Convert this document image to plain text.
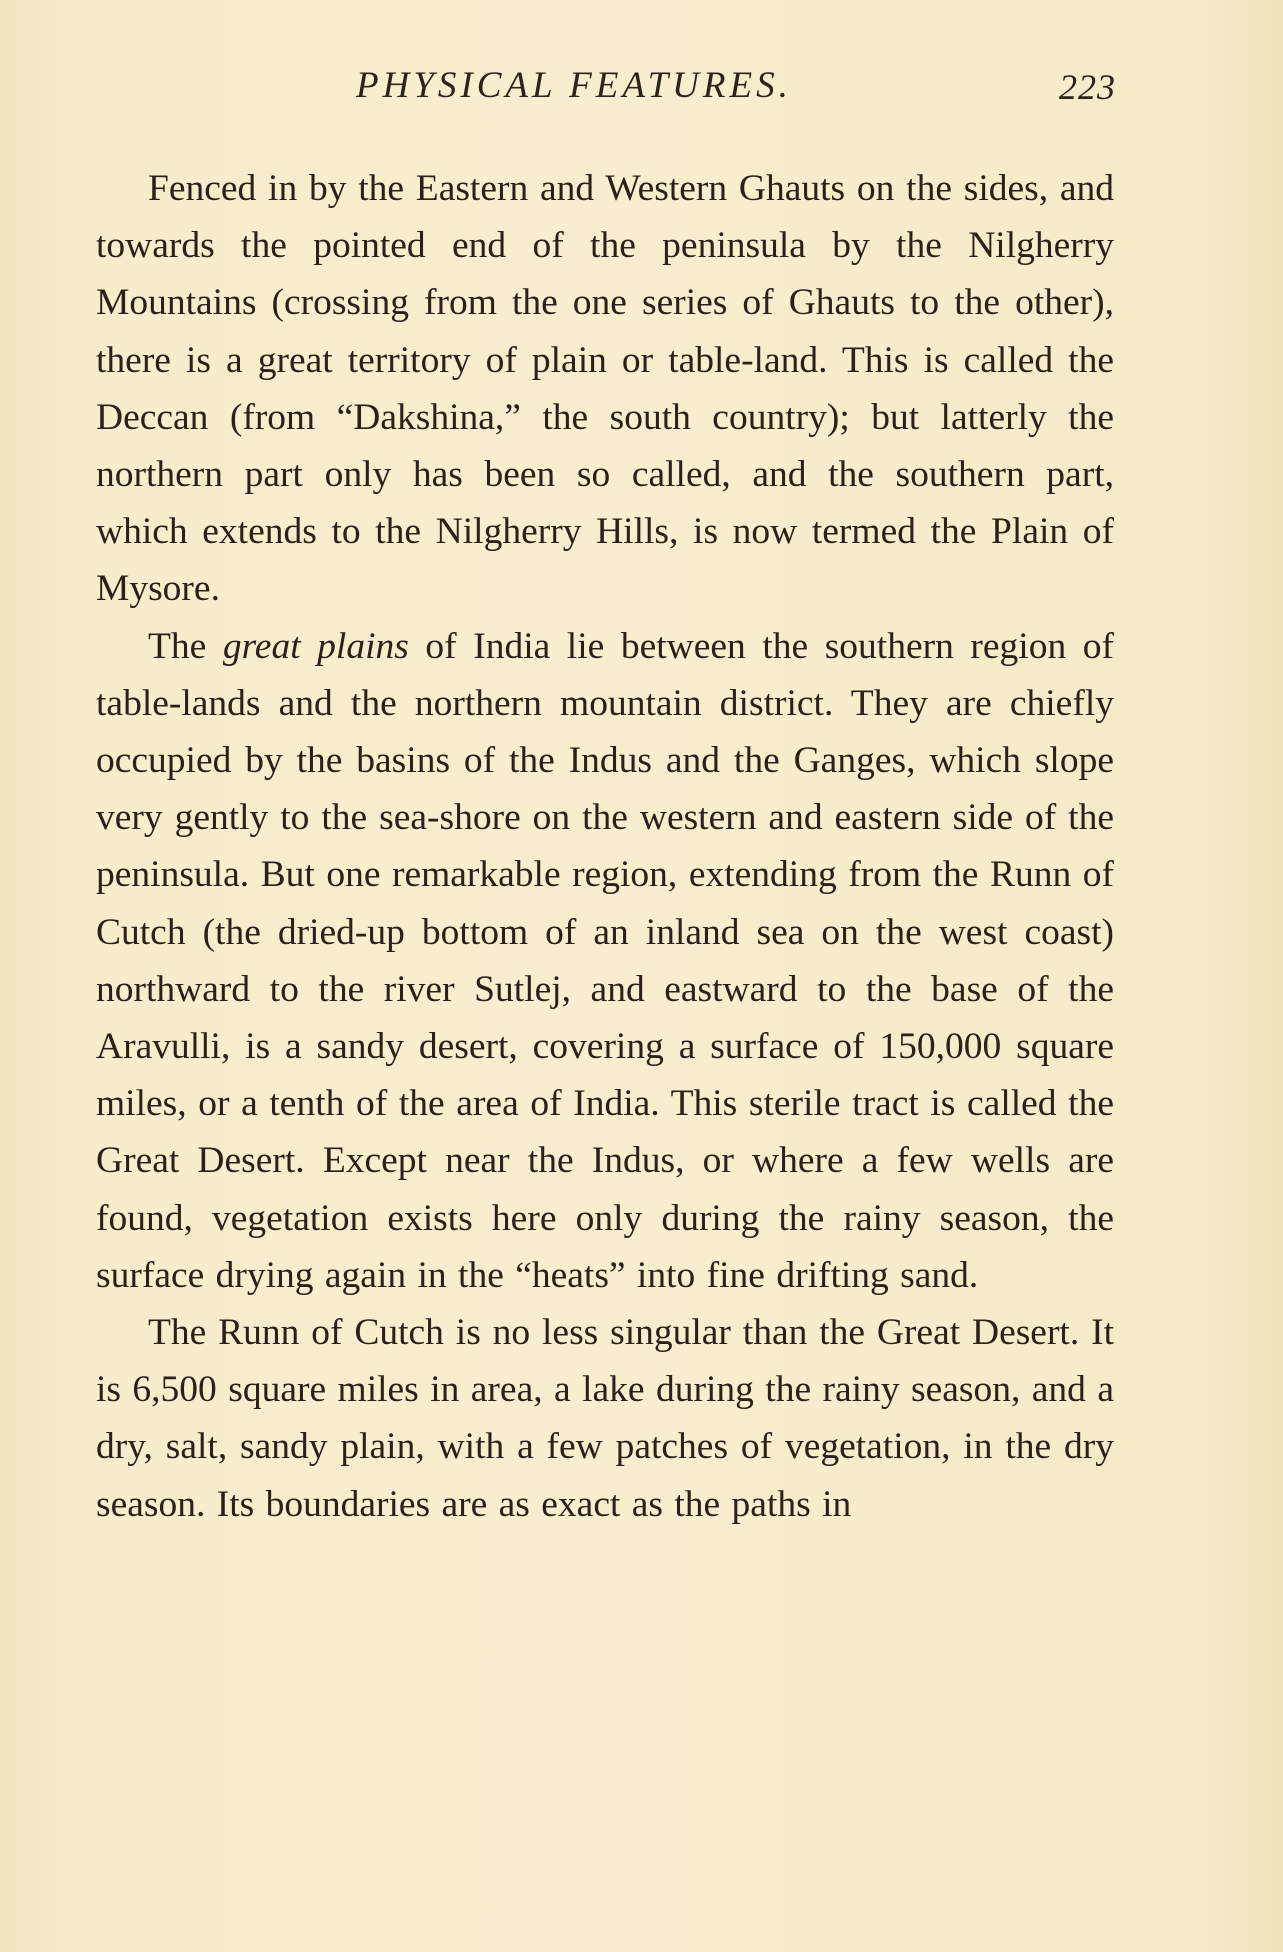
PHYSICAL FEATURES.	223

Fenced in by the Eastern and Western Ghauts on the sides, and towards the pointed end of the peninsula by the Nilgherry Mountains (crossing from the one series of Ghauts to the other), there is a great territory of plain or table-land. This is called the Deccan (from “Dakshina,” the south country); but latterly the northern part only has been so called, and the southern part, which extends to the Nilgherry Hills, is now termed the Plain of Mysore.

The great plains of India lie between the southern region of table-lands and the northern mountain district. They are chiefly occupied by the basins of the Indus and the Ganges, which slope very gently to the sea-shore on the western and eastern side of the peninsula. But one remarkable region, extending from the Runn of Cutch (the dried-up bottom of an inland sea on the west coast) northward to the river Sutlej, and eastward to the base of the Aravulli, is a sandy desert, covering a surface of 150,000 square miles, or a tenth of the area of India. This sterile tract is called the Great Desert. Except near the Indus, or where a few wells are found, vegetation exists here only during the rainy season, the surface drying again in the “heats” into fine drifting sand.

The Runn of Cutch is no less singular than the Great Desert. It is 6,500 square miles in area, a lake during the rainy season, and a dry, salt, sandy plain, with a few patches of vegetation, in the dry season. Its boundaries are as exact as the paths in
